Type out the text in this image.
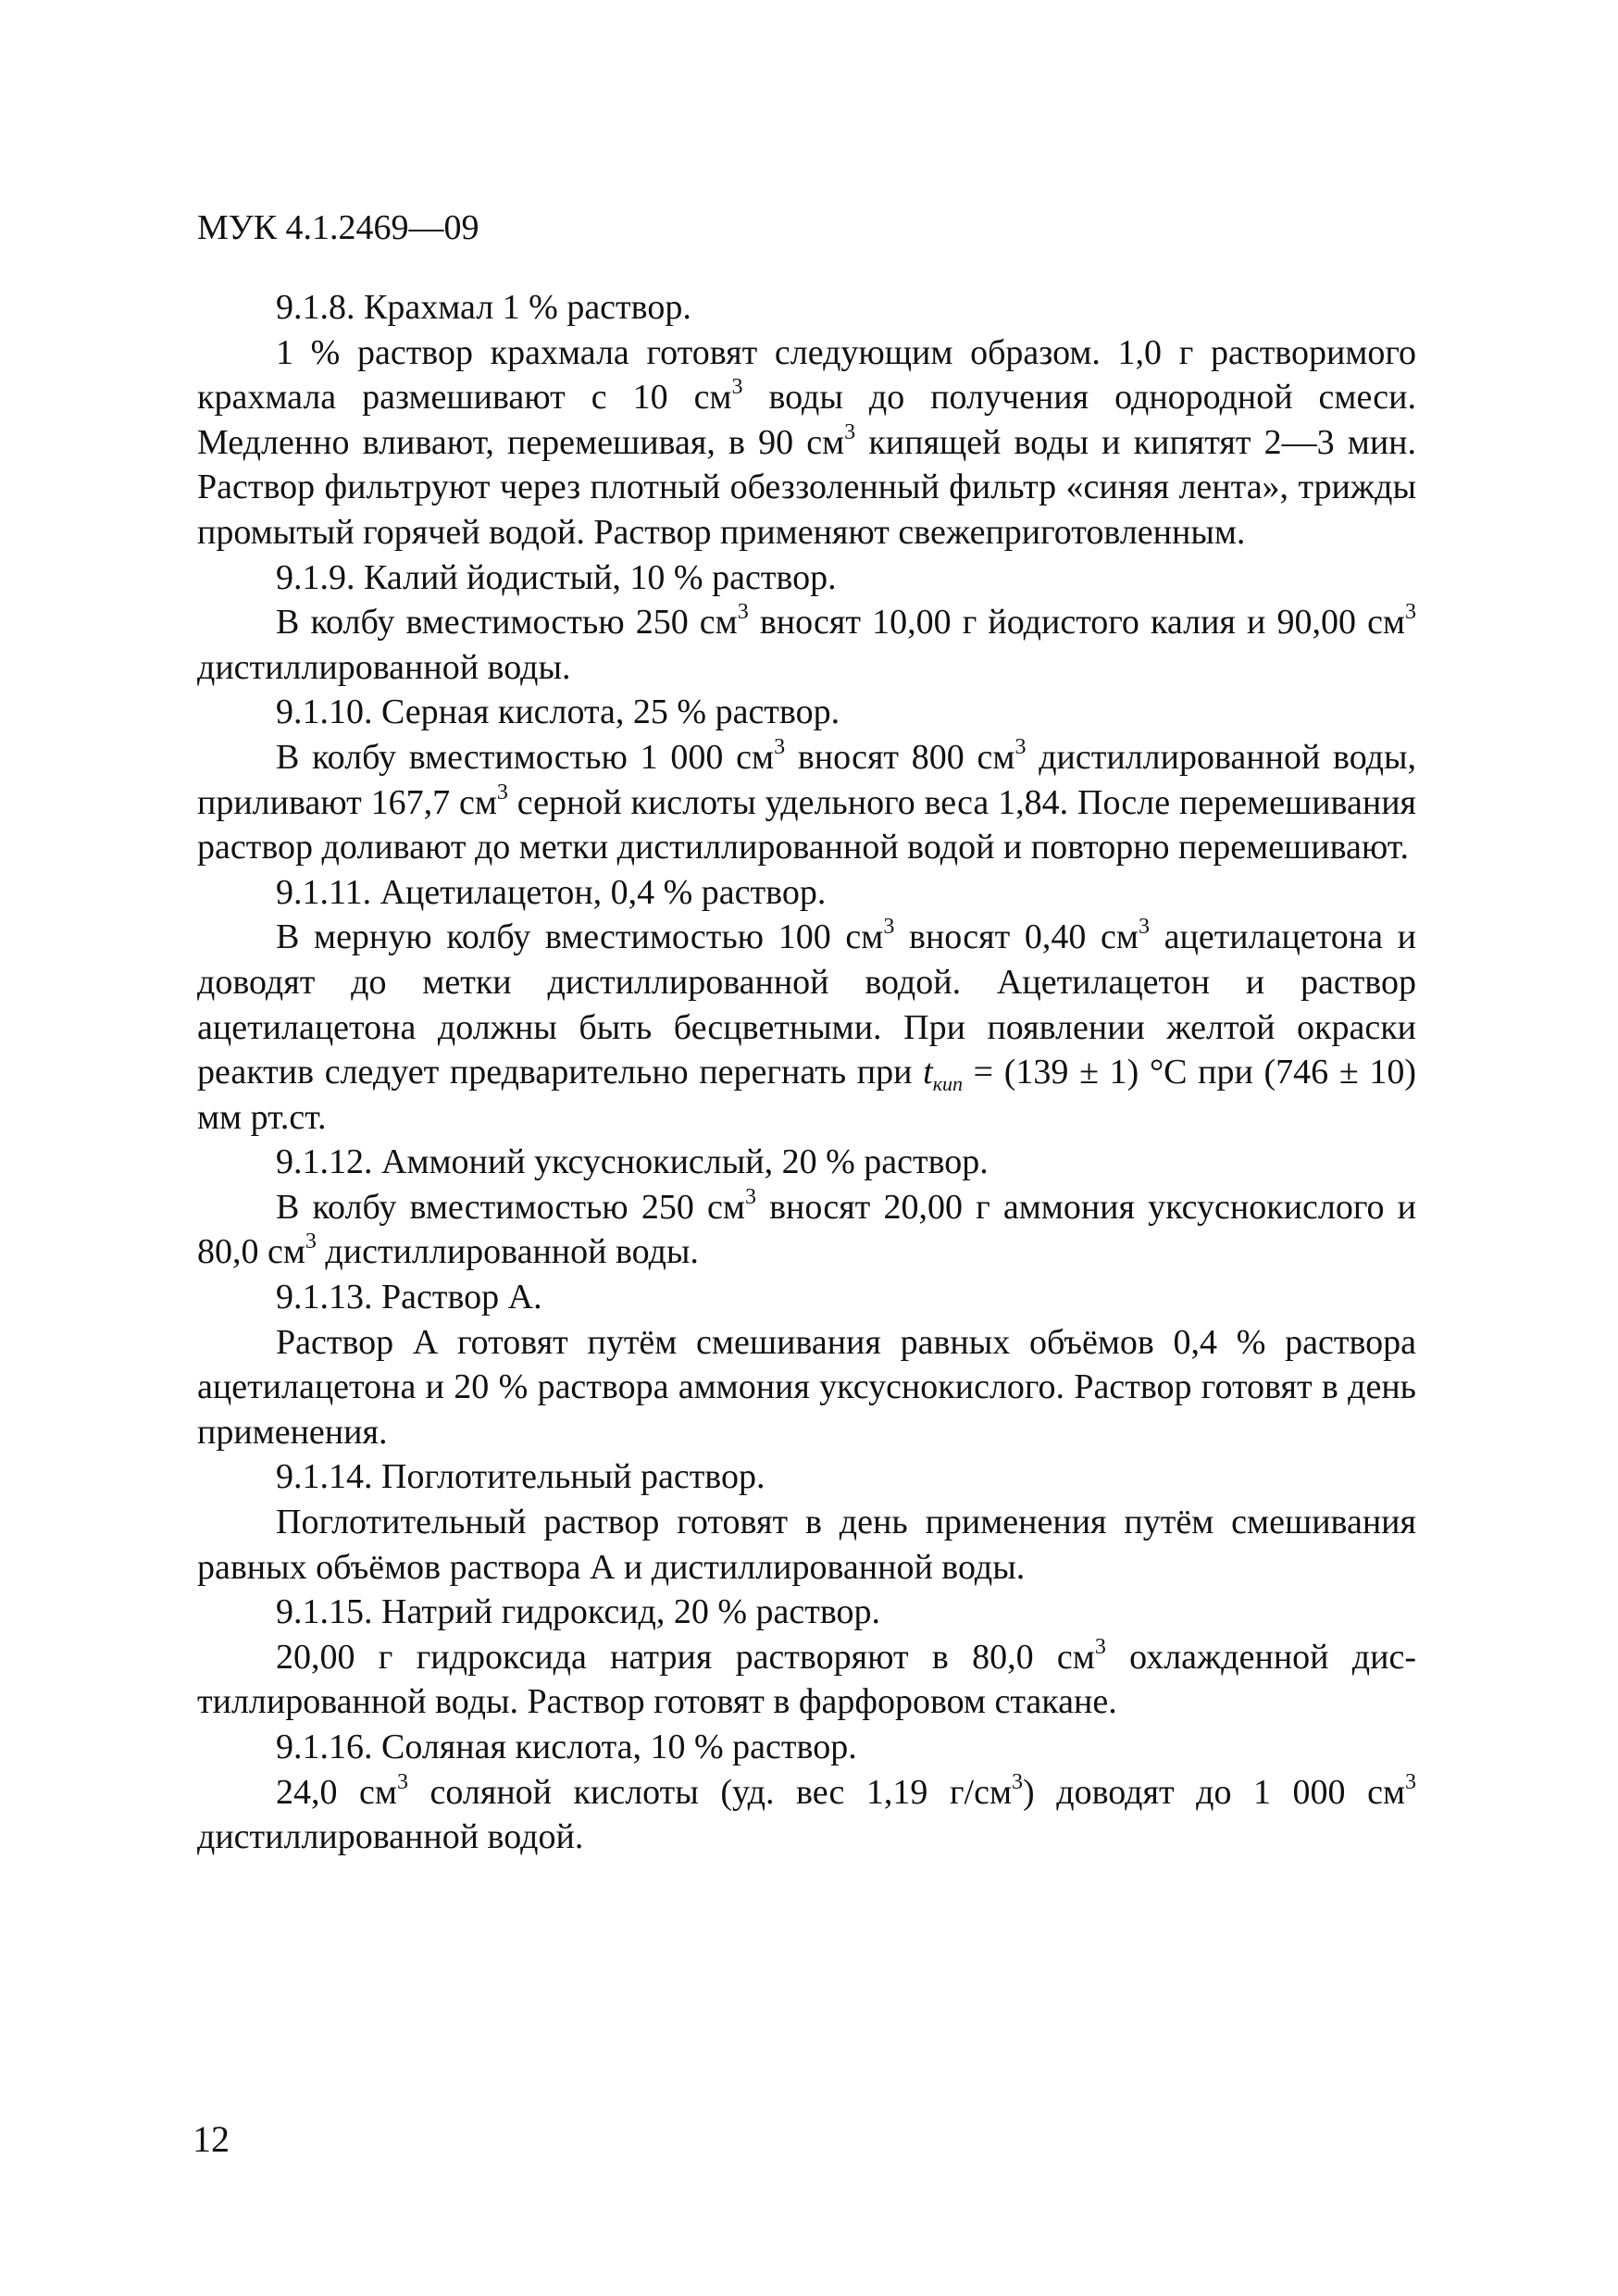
МУК 4.1.2469—09

9.1.8. Крахмал 1 % раствор.

1 % раствор крахмала готовят следующим образом. 1,0 г растворимого крахмала размешивают с 10 $см^3$ воды до получения однородной смеси. Медленно вливают, перемешивая, в 90 $см^3$ кипящей воды и кипятят 2—3 мин. Раствор фильтруют через плотный обеззоленный фильтр «синяя лента», трижды промытый горячей водой. Раствор применяют свежеприготовленным.

9.1.9. Калий йодистый, 10 % раствор.

В колбу вместимостью 250 $см^3$ вносят 10,00 г йодистого калия и 90,00 $см^3$ дистиллированной воды.

9.1.10. Серная кислота, 25 % раствор.

В колбу вместимостью 1 000 $см^3$ вносят 800 $см^3$ дистиллированной воды, приливают 167,7 $см^3$ серной кислоты удельного веса 1,84. После перемешивания раствор доливают до метки дистиллированной водой и повторно перемешивают.

9.1.11. Ацетилацетон, 0,4 % раствор.

В мерную колбу вместимостью 100 $см^3$ вносят 0,40 $см^3$ ацетилацетона и доводят до метки дистиллированной водой. Ацетилацетон и раствор ацетилацетона должны быть бесцветными. При появлении желтой окраски реактив следует предварительно перегнать при $t_{кип} = (139 \pm 1)$ °С при (746 ± 10) мм рт.ст.

9.1.12. Аммоний уксуснокислый, 20 % раствор.

В колбу вместимостью 250 $см^3$ вносят 20,00 г аммония уксуснокислого и 80,0 $см^3$ дистиллированной воды.

9.1.13. Раствор А.

Раствор А готовят путём смешивания равных объёмов 0,4 % раствора ацетилацетона и 20 % раствора аммония уксуснокислого. Раствор готовят в день применения.

9.1.14. Поглотительный раствор.

Поглотительный раствор готовят в день применения путём смешивания равных объёмов раствора А и дистиллированной воды.

9.1.15. Натрий гидроксид, 20 % раствор.

20,00 г гидроксида натрия растворяют в 80,0 $см^3$ охлажденной дистиллированной воды. Раствор готовят в фарфоровом стакане.

9.1.16. Соляная кислота, 10 % раствор.

24,0 $см^3$ соляной кислоты (уд. вес 1,19 $г/см^3$) доводят до 1 000 $см^3$ дистиллированной водой.

12
